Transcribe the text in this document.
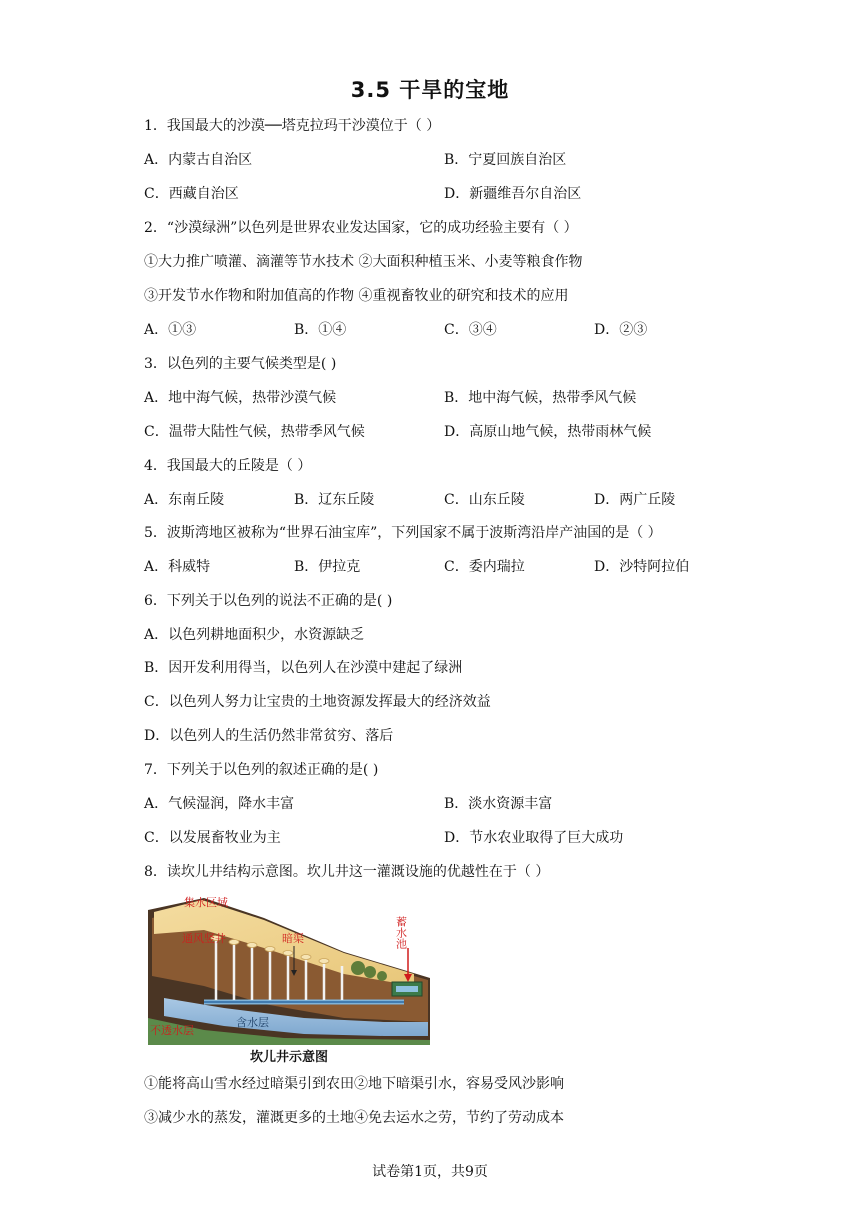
3.5 干旱的宝地
1．我国最大的沙漠──塔克拉玛干沙漠位于（ ）
A．内蒙古自治区	B．宁夏回族自治区
C．西藏自治区	D．新疆维吾尔自治区
2．“沙漠绿洲”以色列是世界农业发达国家，它的成功经验主要有（ ）
①大力推广喷灌、滴灌等节水技术 ②大面积种植玉米、小麦等粮食作物
③开发节水作物和附加值高的作物 ④重视畜牧业的研究和技术的应用
A．①③	B．①④	C．③④	D．②③
3．以色列的主要气候类型是( )
A．地中海气候，热带沙漠气候	B．地中海气候，热带季风气候
C．温带大陆性气候，热带季风气候	D．高原山地气候，热带雨林气候
4．我国最大的丘陵是（ ）
A．东南丘陵	B．辽东丘陵	C．山东丘陵	D．两广丘陵
5．波斯湾地区被称为“世界石油宝库”，下列国家不属于波斯湾沿岸产油国的是（ ）
A．科威特	B．伊拉克	C．委内瑞拉	D．沙特阿拉伯
6．下列关于以色列的说法不正确的是( )
A．以色列耕地面积少，水资源缺乏
B．因开发利用得当，以色列人在沙漠中建起了绿洲
C．以色列人努力让宝贵的土地资源发挥最大的经济效益
D．以色列人的生活仍然非常贫穷、落后
7．下列关于以色列的叙述正确的是( )
A．气候湿润，降水丰富	B．淡水资源丰富
C．以发展畜牧业为主	D．节水农业取得了巨大成功
8．读坎儿井结构示意图。坎儿井这一灌溉设施的优越性在于（ ）
集水区域
通风竖井	暗渠	蓄水池
含水层
不透水层
坎儿井示意图
①能将高山雪水经过暗渠引到农田②地下暗渠引水，容易受风沙影响
③减少水的蒸发，灌溉更多的土地④免去运水之劳，节约了劳动成本
试卷第1页，共9页
